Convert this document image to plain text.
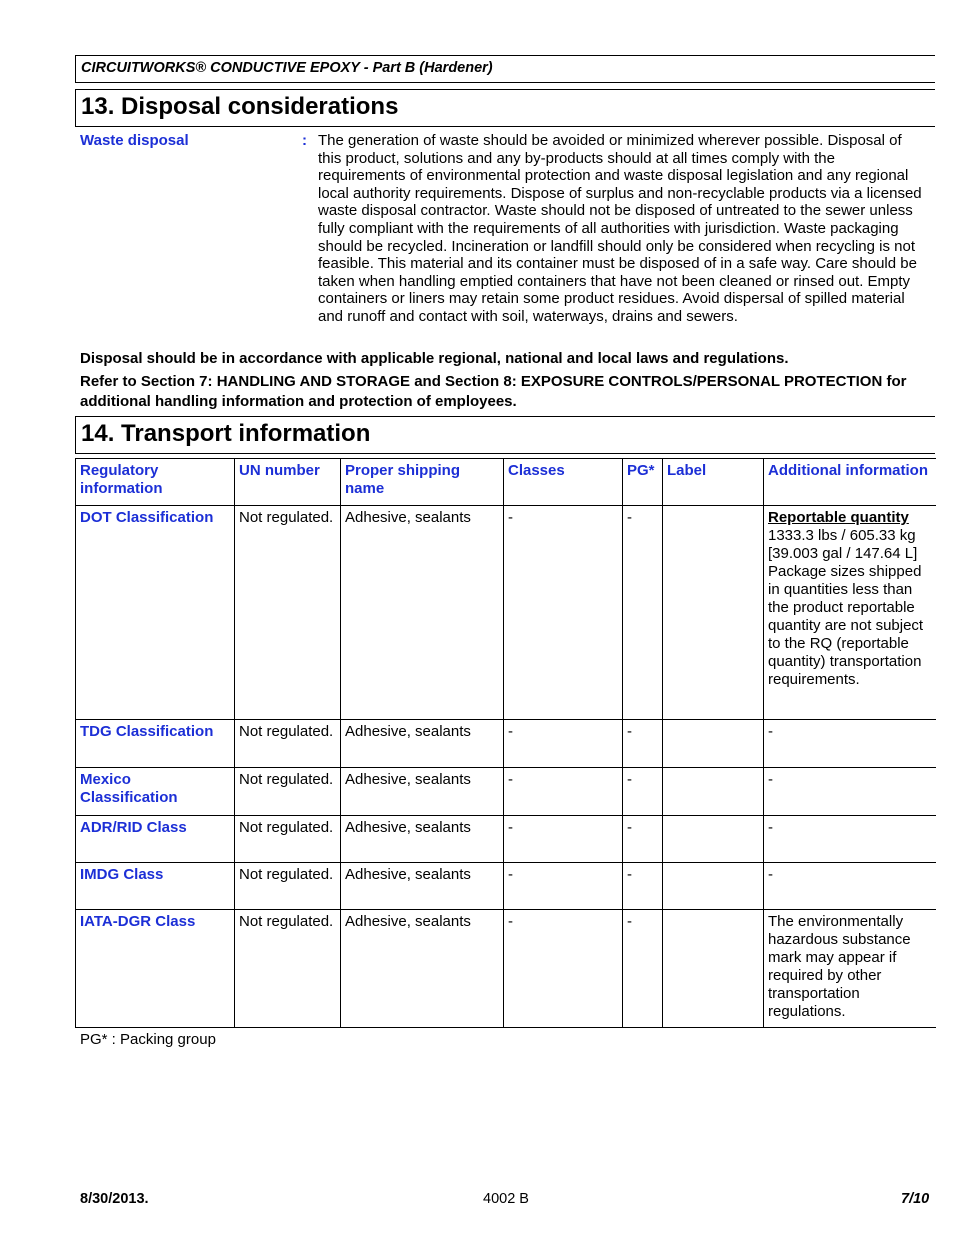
CIRCUITWORKS® CONDUCTIVE EPOXY - Part B (Hardener)
13. Disposal considerations
Waste disposal	: The generation of waste should be avoided or minimized wherever possible. Disposal of this product, solutions and any by-products should at all times comply with the requirements of environmental protection and waste disposal legislation and any regional local authority requirements. Dispose of surplus and non-recyclable products via a licensed waste disposal contractor. Waste should not be disposed of untreated to the sewer unless fully compliant with the requirements of all authorities with jurisdiction. Waste packaging should be recycled. Incineration or landfill should only be considered when recycling is not feasible. This material and its container must be disposed of in a safe way. Care should be taken when handling emptied containers that have not been cleaned or rinsed out. Empty containers or liners may retain some product residues. Avoid dispersal of spilled material and runoff and contact with soil, waterways, drains and sewers.
Disposal should be in accordance with applicable regional, national and local laws and regulations.
Refer to Section 7: HANDLING AND STORAGE and Section 8: EXPOSURE CONTROLS/PERSONAL PROTECTION for additional handling information and protection of employees.
14. Transport information
Regulatory information	UN number	Proper shipping name	Classes	PG*	Label	Additional information
DOT Classification	Not regulated.	Adhesive, sealants	-	-		Reportable quantity
1333.3 lbs / 605.33 kg [39.003 gal / 147.64 L] Package sizes shipped in quantities less than the product reportable quantity are not subject to the RQ (reportable quantity) transportation requirements.

TDG Classification	Not regulated.	Adhesive, sealants	-	-		-
Mexico Classification	Not regulated.	Adhesive, sealants	-	-		-
ADR/RID Class	Not regulated.	Adhesive, sealants	-	-		-
IMDG Class	Not regulated.	Adhesive, sealants	-	-		-
IATA-DGR Class	Not regulated.	Adhesive, sealants	-	-		The environmentally hazardous substance mark may appear if required by other transportation regulations.
PG* : Packing group
8/30/2013.	4002 B	7/10
